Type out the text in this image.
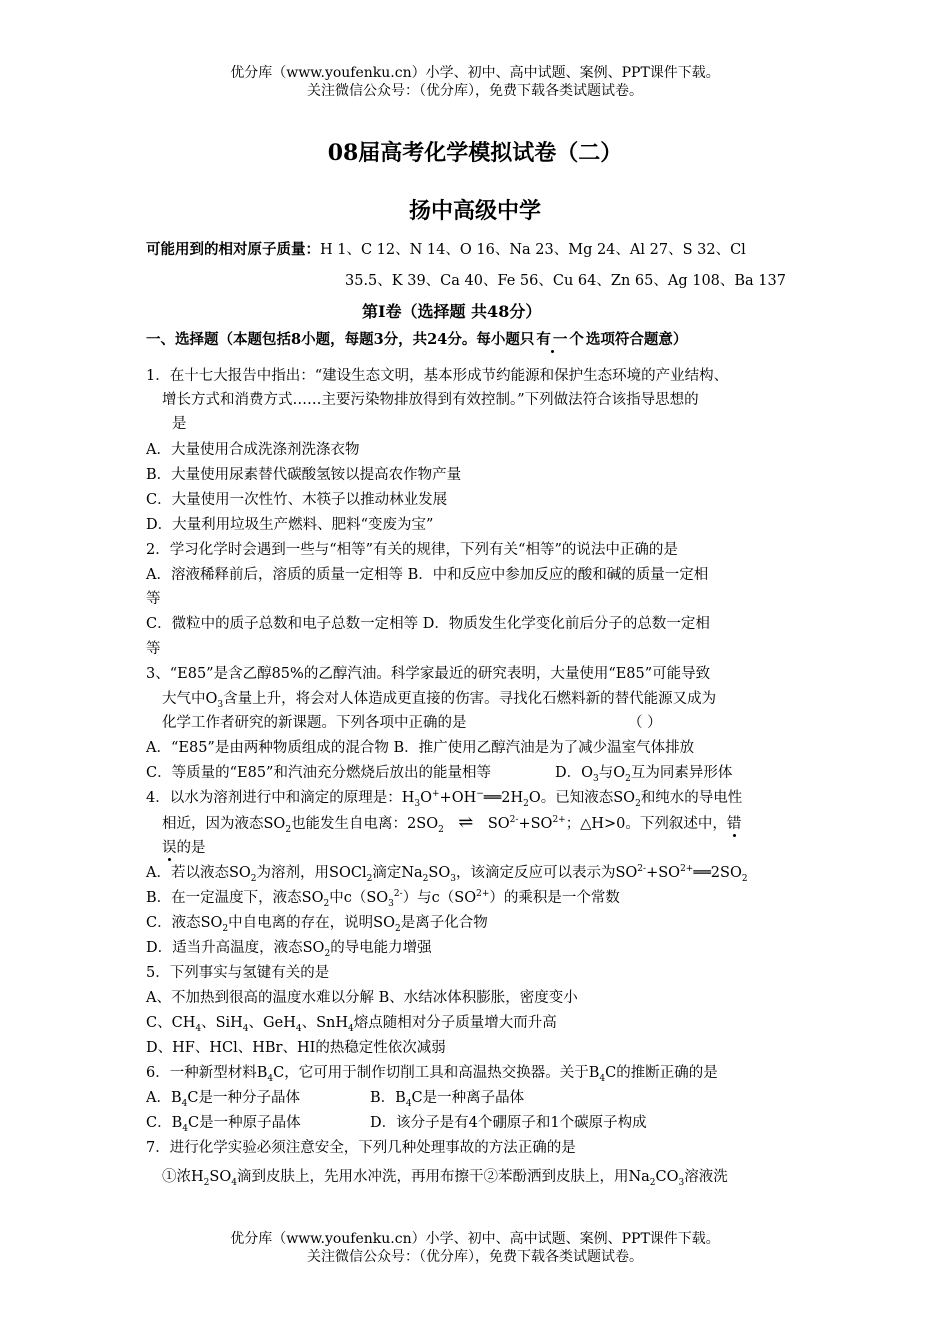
优分库（www.youfenku.cn）小学、初中、高中试题、案例、PPT课件下载。
关注微信公众号：（优分库），免费下载各类试题试卷。
08届高考化学模拟试卷（二）
扬中高级中学
可能用到的相对原子质量：H 1、C 12、N 14、O 16、Na 23、Mg 24、Al 27、S 32、Cl
35.5、K 39、Ca 40、Fe 56、Cu 64、Zn 65、Ag 108、Ba 137
第Ⅰ卷（选择题 共48分）
一、选择题（本题包括8小题，每题3分，共24分。每小题只有一个选项符合题意）
1．在十七大报告中指出：“建设生态文明，基本形成节约能源和保护生态环境的产业结构、
增长方式和消费方式……主要污染物排放得到有效控制。”下列做法符合该指导思想的
是
A．大量使用合成洗涤剂洗涤衣物
B．大量使用尿素替代碳酸氢铵以提高农作物产量
C．大量使用一次性竹、木筷子以推动林业发展
D．大量利用垃圾生产燃料、肥料“变废为宝”
2．学习化学时会遇到一些与“相等”有关的规律，下列有关“相等”的说法中正确的是
A．溶液稀释前后，溶质的质量一定相等 B．中和反应中参加反应的酸和碱的质量一定相
等
C．微粒中的质子总数和电子总数一定相等 D．物质发生化学变化前后分子的总数一定相
等
3、“E85”是含乙醇85%的乙醇汽油。科学家最近的研究表明，大量使用“E85”可能导致
大气中$O_3$含量上升，将会对人体造成更直接的伤害。寻找化石燃料新的替代能源又成为
化学工作者研究的新课题。下列各项中正确的是	（ ）
A．“E85”是由两种物质组成的混合物 B．推广使用乙醇汽油是为了减少温室气体排放
C．等质量的“E85”和汽油充分燃烧后放出的能量相等	D．$O_3$与$O_2$互为同素异形体
4．以水为溶剂进行中和滴定的原理是：$H_3O^++OH^-══2H_2O$。已知液态$SO_2$和纯水的导电性
相近，因为液态$SO_2$也能发生自电离：$2SO_2$ ⇌ $SO^{2-}+SO^{2+}$；△H>0。下列叙述中，错
误的是
A．若以液态$SO_2$为溶剂，用SOCl$_2$滴定$Na_2SO_3$，该滴定反应可以表示为$SO^{2-}+SO^{2+}══2SO_2$
B．在一定温度下，液态$SO_2$中$c(SO_3^{2-})$与$c(SO^{2+})$的乘积是一个常数
C．液态$SO_2$中自电离的存在，说明$SO_2$是离子化合物
D．适当升高温度，液态$SO_2$的导电能力增强
5．下列事实与氢键有关的是
A、不加热到很高的温度水难以分解 B、水结冰体积膨胀，密度变小
C、$CH_4$、SiH$_4$、GeH$_4$、SnH$_4$熔点随相对分子质量增大而升高
D、HF、HCl、HBr、HI的热稳定性依次减弱
6．一种新型材料$B_4C$，它可用于制作切削工具和高温热交换器。关于$B_4C$的推断正确的是
A．$B_4C$是一种分子晶体	B．$B_4C$是一种离子晶体
C．$B_4C$是一种原子晶体	D．该分子是有4个硼原子和1个碳原子构成
7．进行化学实验必须注意安全，下列几种处理事故的方法正确的是
①浓$H_2SO_4$滴到皮肤上，先用水冲洗，再用布擦干②苯酚洒到皮肤上，用$Na_2CO_3$溶液洗
优分库（www.youfenku.cn）小学、初中、高中试题、案例、PPT课件下载。
关注微信公众号：（优分库），免费下载各类试题试卷。
